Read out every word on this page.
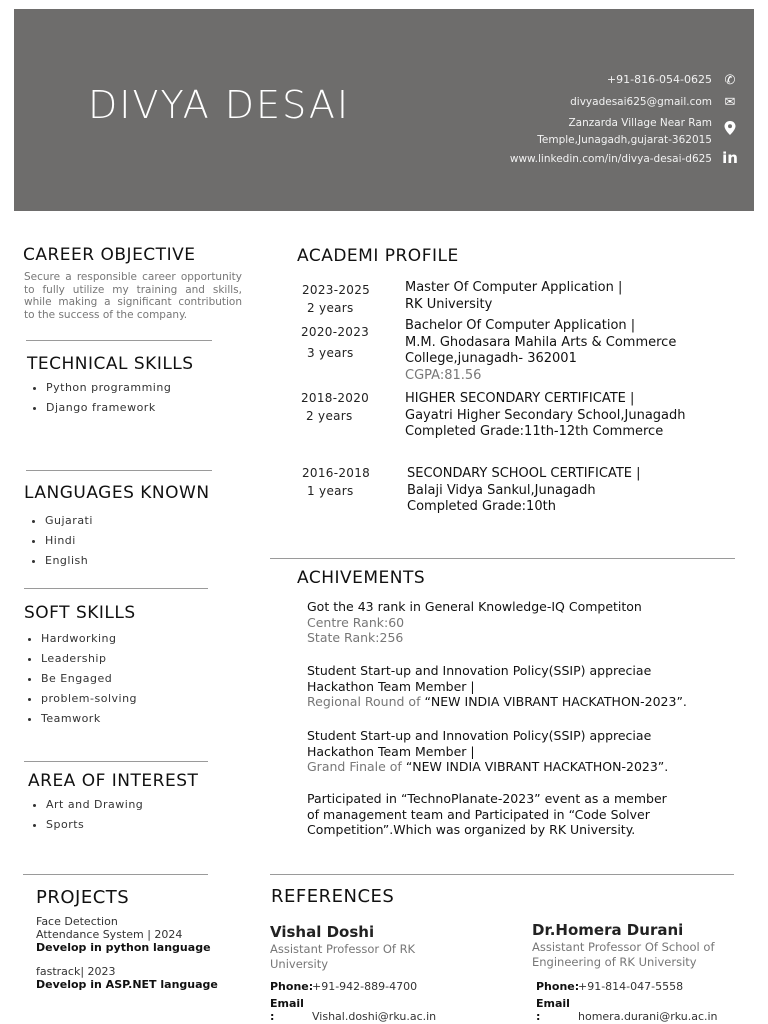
DIVYA DESAI
+91-816-054-0625 ✆
divyadesai625@gmail.com ✉
Zanzarda Village Near Ram
Temple,Junagadh,gujarat-362015
www.linkedin.com/in/divya-desai-d625 in
CAREER OBJECTIVE
Secure a responsible career opportunity to fully utilize my training and skills, while making a significant contribution to the success of the company.
TECHNICAL SKILLS
• Python programming
• Django framework
LANGUAGES KNOWN
• Gujarati
• Hindi
• English
SOFT SKILLS
• Hardworking
• Leadership
• Be Engaged
• problem-solving
• Teamwork
AREA OF INTEREST
• Art and Drawing
• Sports
PROJECTS
Face Detection
Attendance System | 2024
Develop in python language
fastrack| 2023
Develop in ASP.NET language
ACADEMI PROFILE
2023-2025
2 years
Master Of Computer Application |
RK University
2020-2023
3 years
Bachelor Of Computer Application |
M.M. Ghodasara Mahila Arts & Commerce
College,junagadh- 362001
CGPA:81.56
2018-2020
2 years
HIGHER SECONDARY CERTIFICATE |
Gayatri Higher Secondary School,Junagadh
Completed Grade:11th-12th Commerce
2016-2018
1 years
SECONDARY SCHOOL CERTIFICATE |
Balaji Vidya Sankul,Junagadh
Completed Grade:10th
ACHIVEMENTS
Got the 43 rank in General Knowledge-IQ Competiton
Centre Rank:60
State Rank:256
Student Start-up and Innovation Policy(SSIP) appreciae
Hackathon Team Member |
Regional Round of “NEW INDIA VIBRANT HACKATHON-2023”.
Student Start-up and Innovation Policy(SSIP) appreciae
Hackathon Team Member |
Grand Finale of “NEW INDIA VIBRANT HACKATHON-2023”.
Participated in “TechnoPlanate-2023” event as a member
of management team and Participated in “Code Solver
Competition”.Which was organized by RK University.
REFERENCES
Vishal Doshi
Assistant Professor Of RK
University
Phone:+91-942-889-4700
Email :	Vishal.doshi@rku.ac.in
Dr.Homera Durani
Assistant Professor Of School of
Engineering of RK University
Phone:+91-814-047-5558
Email :	homera.durani@rku.ac.in
